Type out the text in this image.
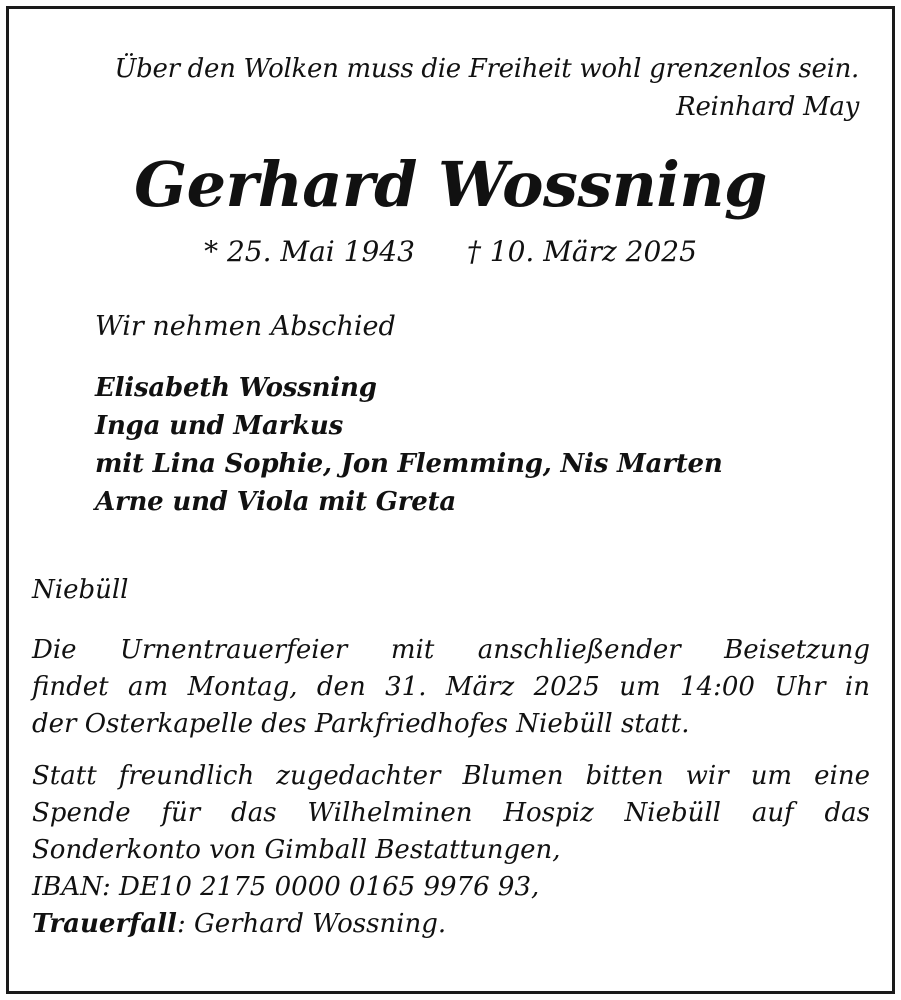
Über den Wolken muss die Freiheit wohl grenzenlos sein.
Reinhard May
Gerhard Wossning
* 25. Mai 1943 † 10. März 2025
Wir nehmen Abschied
Elisabeth Wossning
Inga und Markus
mit Lina Sophie, Jon Flemming, Nis Marten
Arne und Viola mit Greta
Niebüll
Die Urnentrauerfeier mit anschließender Beisetzung
findet am Montag, den 31. März 2025 um 14:00 Uhr in
der Osterkapelle des Parkfriedhofes Niebüll statt.
Statt freundlich zugedachter Blumen bitten wir um eine
Spende für das Wilhelminen Hospiz Niebüll auf das
Sonderkonto von Gimball Bestattungen,
IBAN: DE10 2175 0000 0165 9976 93,
Trauerfall: Gerhard Wossning.
